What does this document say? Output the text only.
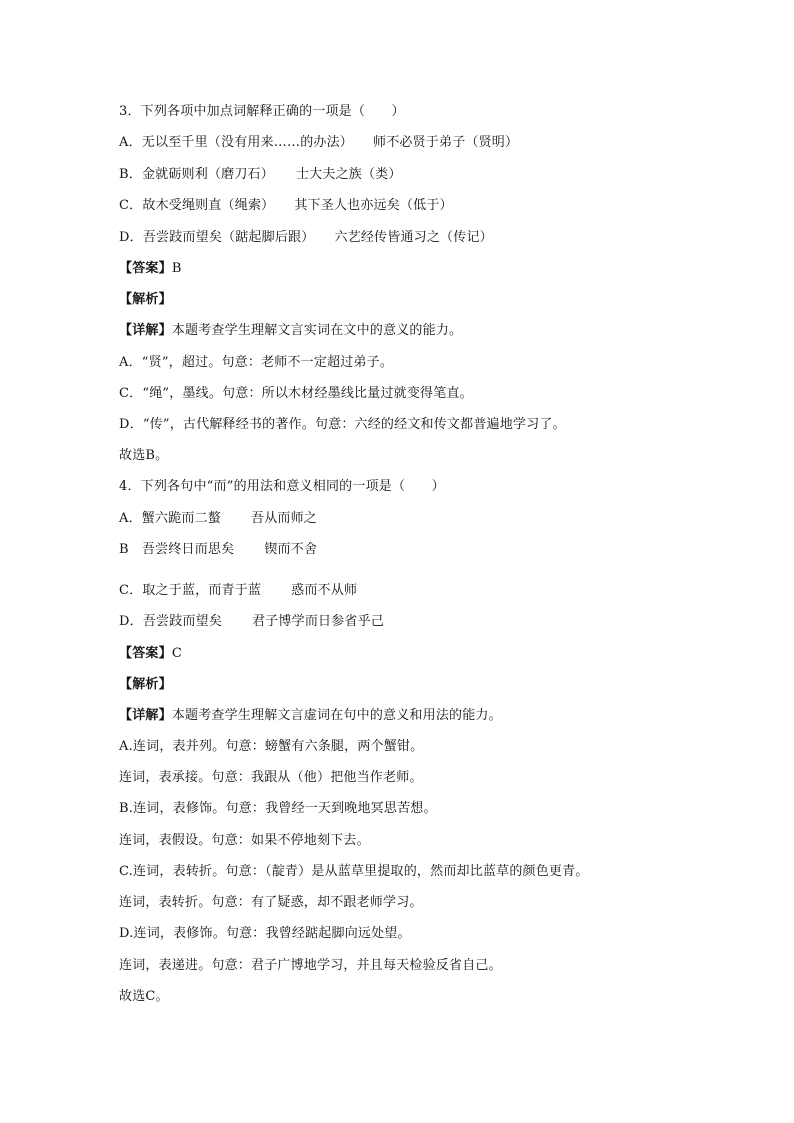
3．下列各项中加点词解释正确的一项是（　　）
A．无以至千里（没有用来……的办法） 师不必贤于弟子（贤明）
B．金就砺则利（磨刀石） 士大夫之族（类）
C．故木受绳则直（绳索） 其下圣人也亦远矣（低于）
D．吾尝跂而望矣（踮起脚后跟） 六艺经传皆通习之（传记）
【答案】B
【解析】
【详解】本题考查学生理解文言实词在文中的意义的能力。
A．“贤”，超过。句意：老师不一定超过弟子。
C．“绳”，墨线。句意：所以木材经墨线比量过就变得笔直。
D．“传”，古代解释经书的著作。句意：六经的经文和传文都普遍地学习了。
故选B。
4．下列各句中“而”的用法和意义相同的一项是（　　）
A．蟹六跪而二螯 吾从而师之
B　吾尝终日而思矣 锲而不舍
C．取之于蓝，而青于蓝 惑而不从师
D．吾尝跂而望矣 君子博学而日参省乎己
【答案】C
【解析】
【详解】本题考查学生理解文言虚词在句中的意义和用法的能力。
A.连词，表并列。句意：螃蟹有六条腿，两个蟹钳。
连词，表承接。句意：我跟从（他）把他当作老师。
B.连词，表修饰。句意：我曾经一天到晚地冥思苦想。
连词，表假设。句意：如果不停地刻下去。
C.连词，表转折。句意：（靛青）是从蓝草里提取的，然而却比蓝草的颜色更青。
连词，表转折。句意：有了疑惑，却不跟老师学习。
D.连词，表修饰。句意：我曾经踮起脚向远处望。
连词，表递进。句意：君子广博地学习，并且每天检验反省自己。
故选C。
